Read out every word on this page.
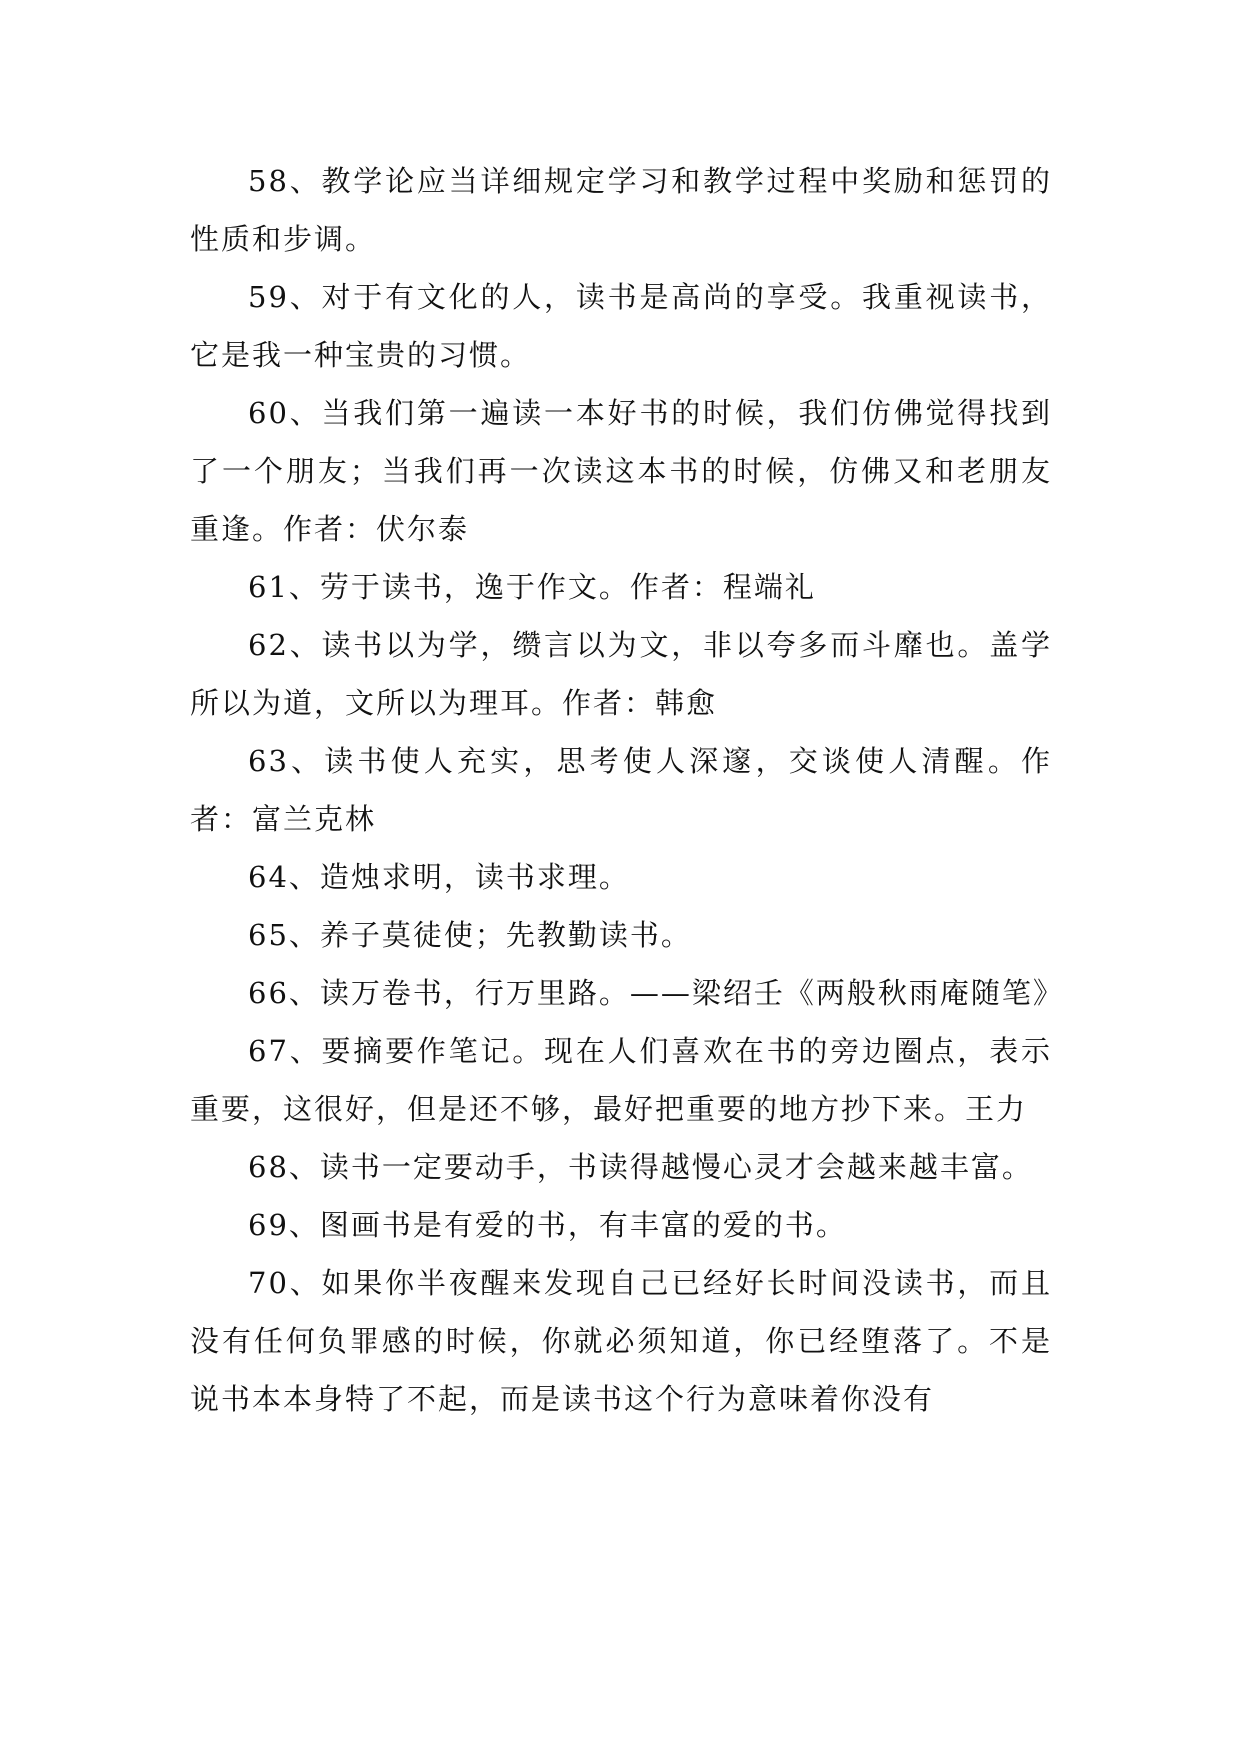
58、教学论应当详细规定学习和教学过程中奖励和惩罚的性质和步调。

59、对于有文化的人，读书是高尚的享受。我重视读书，它是我一种宝贵的习惯。

60、当我们第一遍读一本好书的时候，我们仿佛觉得找到了一个朋友；当我们再一次读这本书的时候，仿佛又和老朋友重逢。作者：伏尔泰

61、劳于读书，逸于作文。作者：程端礼

62、读书以为学，缵言以为文，非以夸多而斗靡也。盖学所以为道，文所以为理耳。作者：韩愈

63、读书使人充实，思考使人深邃，交谈使人清醒。作者：富兰克林

64、造烛求明，读书求理。

65、养子莫徒使；先教勤读书。

66、读万卷书，行万里路。——梁绍壬《两般秋雨庵随笔》

67、要摘要作笔记。现在人们喜欢在书的旁边圈点，表示重要，这很好，但是还不够，最好把重要的地方抄下来。王力

68、读书一定要动手，书读得越慢心灵才会越来越丰富。

69、图画书是有爱的书，有丰富的爱的书。

70、如果你半夜醒来发现自己已经好长时间没读书，而且没有任何负罪感的时候，你就必须知道，你已经堕落了。不是说书本本身特了不起，而是读书这个行为意味着你没有
